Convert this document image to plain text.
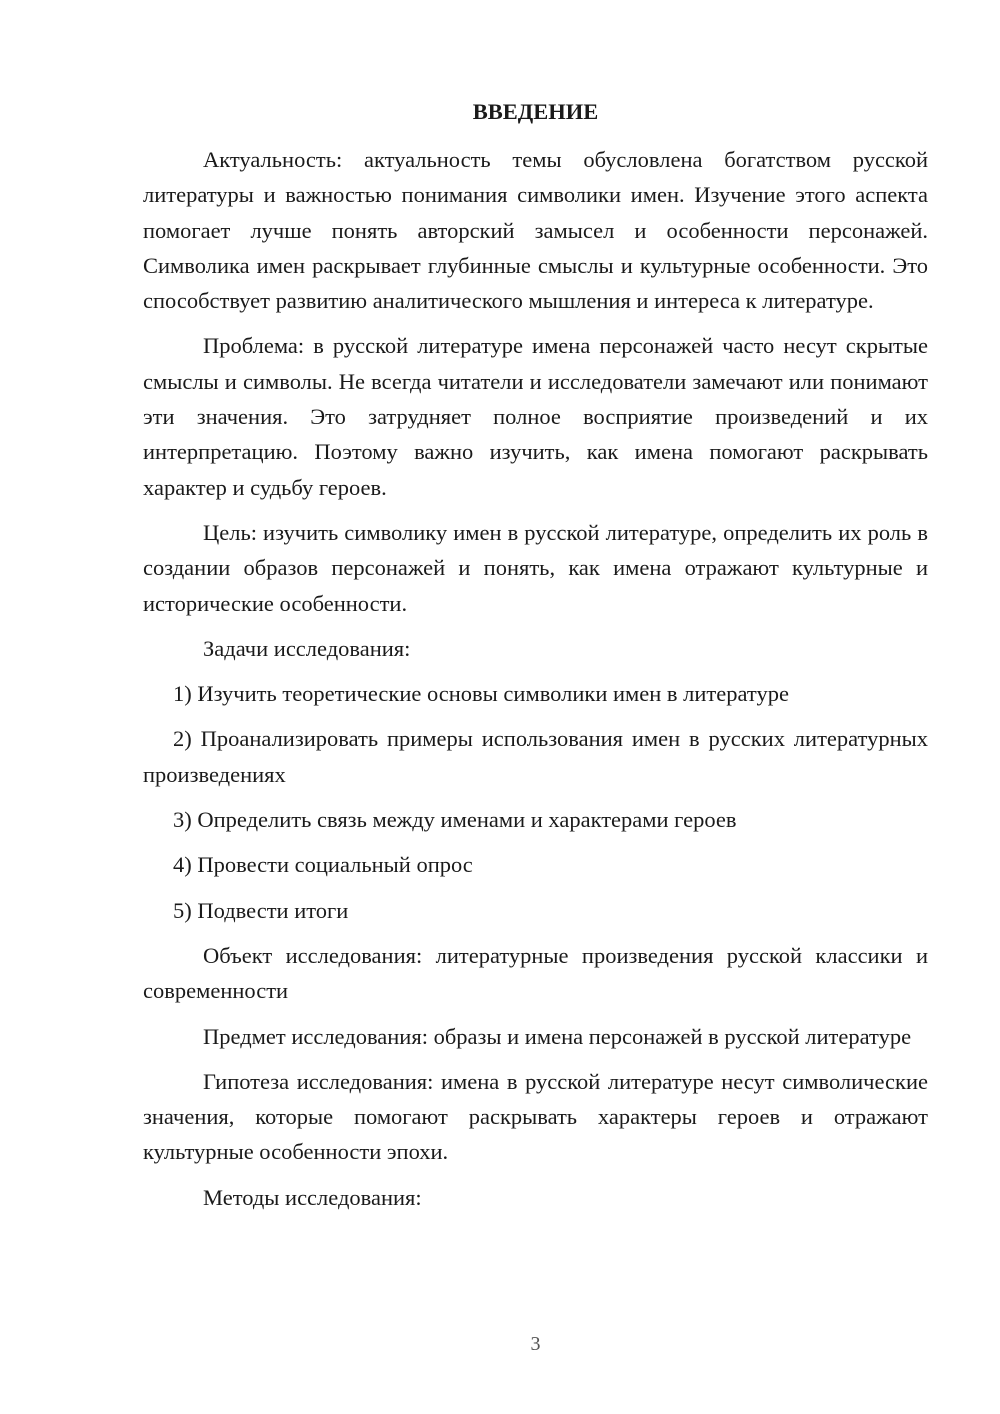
ВВЕДЕНИЕ

Актуальность: актуальность темы обусловлена богатством русской литературы и важностью понимания символики имен. Изучение этого аспекта помогает лучше понять авторский замысел и особенности персонажей. Символика имен раскрывает глубинные смыслы и культурные особенности. Это способствует развитию аналитического мышления и интереса к литературе.

Проблема: в русской литературе имена персонажей часто несут скрытые смыслы и символы. Не всегда читатели и исследователи замечают или понимают эти значения. Это затрудняет полное восприятие произведений и их интерпретацию. Поэтому важно изучить, как имена помогают раскрывать характер и судьбу героев.

Цель: изучить символику имен в русской литературе, определить их роль в создании образов персонажей и понять, как имена отражают культурные и исторические особенности.

Задачи исследования:

1) Изучить теоретические основы символики имен в литературе

2) Проанализировать примеры использования имен в русских литературных произведениях

3) Определить связь между именами и характерами героев

4) Провести социальный опрос

5) Подвести итоги

Объект исследования: литературные произведения русской классики и современности

Предмет исследования: образы и имена персонажей в русской литературе

Гипотеза исследования: имена в русской литературе несут символические значения, которые помогают раскрывать характеры героев и отражают культурные особенности эпохи.

Методы исследования:

3
